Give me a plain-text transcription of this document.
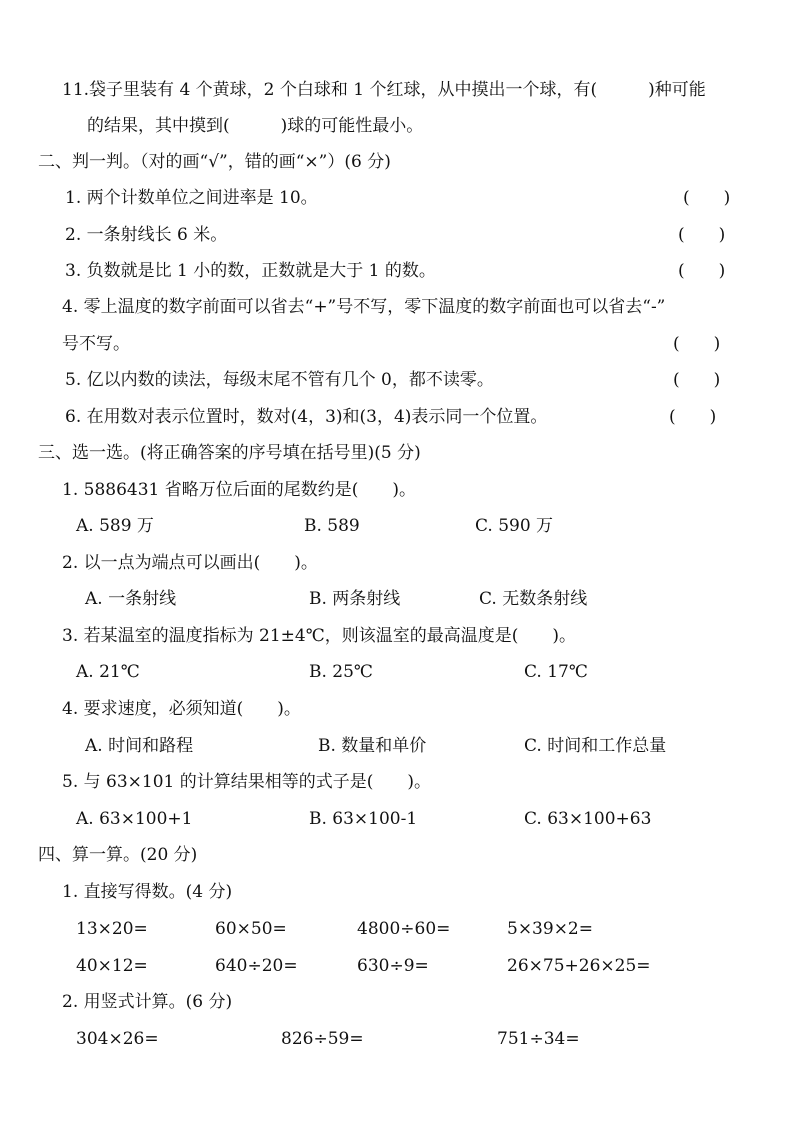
11.袋子里装有 4 个黄球，2 个白球和 1 个红球，从中摸出一个球，有(　　　)种可能
的结果，其中摸到(　　　)球的可能性最小。
二、判一判。（对的画“√”，错的画“×”）(6 分)
1. 两个计数单位之间进率是 10。	(　　)
2. 一条射线长 6 米。	(　　)
3. 负数就是比 1 小的数，正数就是大于 1 的数。	(　　)
4. 零上温度的数字前面可以省去“+”号不写，零下温度的数字前面也可以省去“-”
号不写。	(　　)
5. 亿以内数的读法，每级末尾不管有几个 0，都不读零。	(　　)
6. 在用数对表示位置时，数对(4，3)和(3，4)表示同一个位置。	(　　)
三、选一选。(将正确答案的序号填在括号里)(5 分)
1. 5886431 省略万位后面的尾数约是(　　)。
A. 589 万	B. 589	C. 590 万
2. 以一点为端点可以画出(　　)。
A. 一条射线	B. 两条射线	C. 无数条射线
3. 若某温室的温度指标为 21±4℃，则该温室的最高温度是(　　)。
A. 21℃	B. 25℃	C. 17℃
4. 要求速度，必须知道(　　)。
A. 时间和路程	B. 数量和单价	C. 时间和工作总量
5. 与 63×101 的计算结果相等的式子是(　　)。
A. 63×100+1	B. 63×100-1	C. 63×100+63
四、算一算。(20 分)
1. 直接写得数。(4 分)
13×20=	60×50=	4800÷60=	5×39×2=
40×12=	640÷20=	630÷9=	26×75+26×25=
2. 用竖式计算。(6 分)
304×26=	826÷59=	751÷34=
